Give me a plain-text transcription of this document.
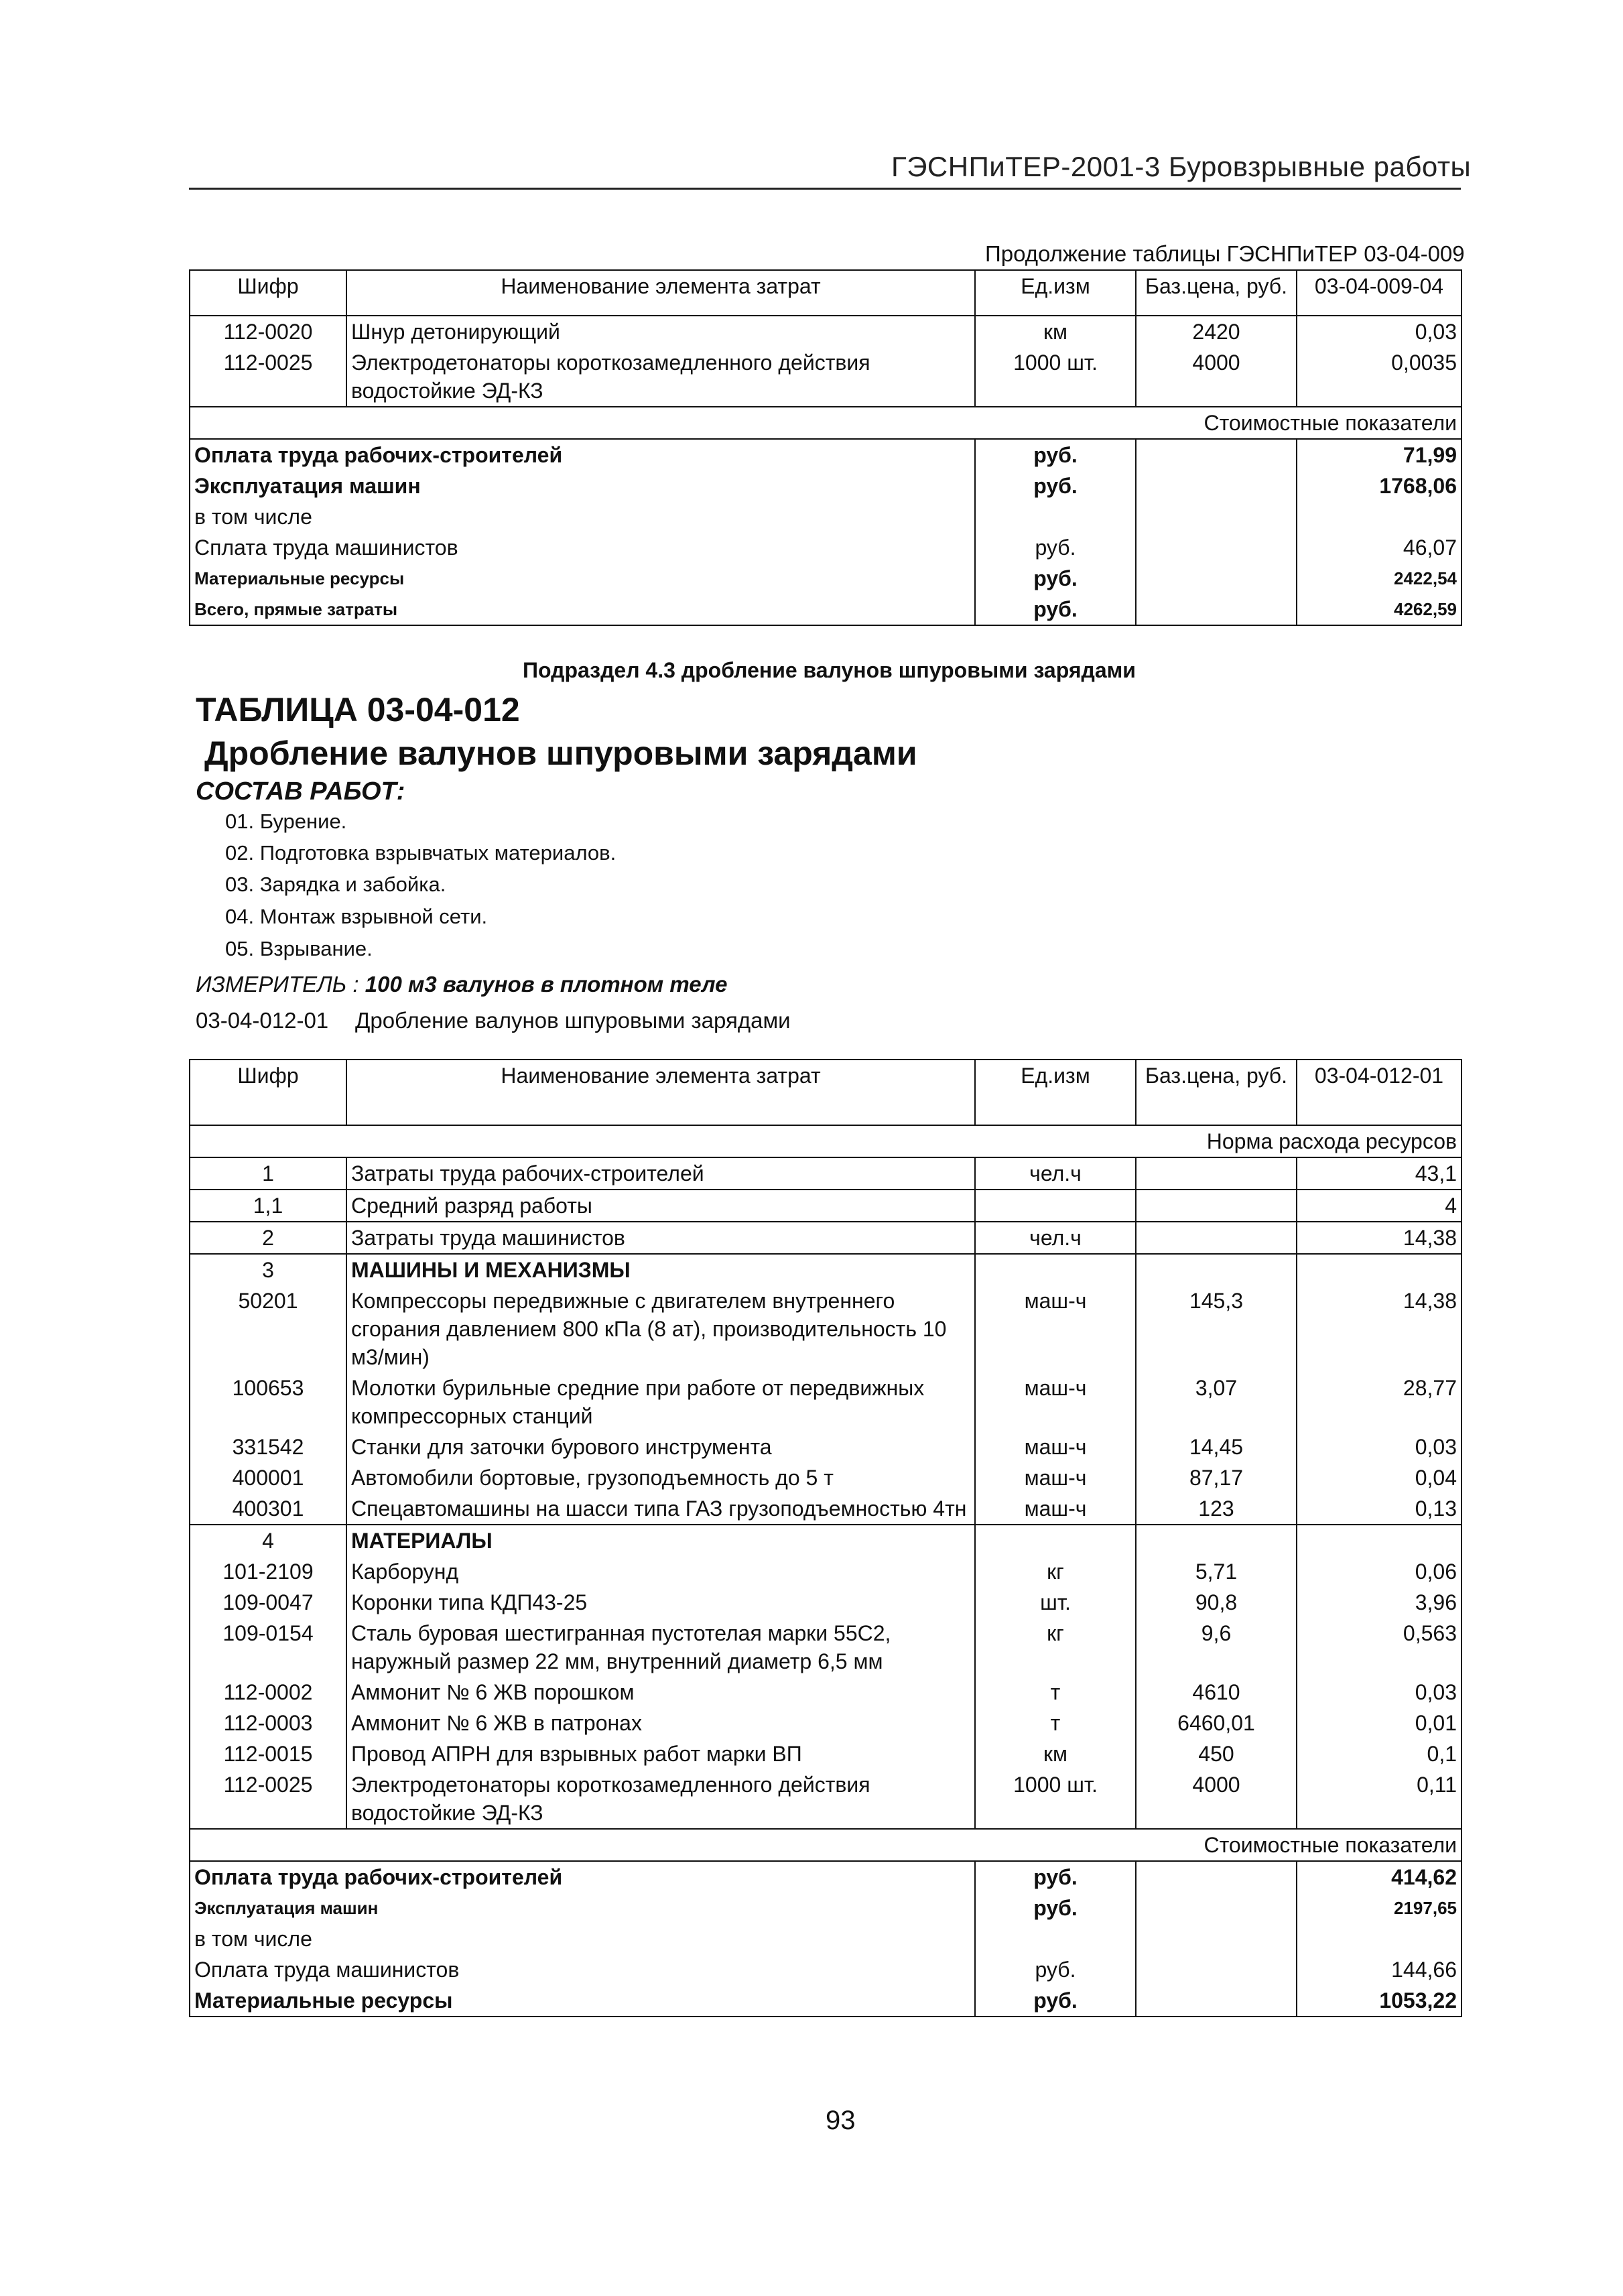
ГЭСНПиТЕР-2001-3 Буровзрывные работы
Продолжение таблицы ГЭСНПиТЕР 03-04-009
Шифр	Наименование элемента затрат	Ед.изм	Баз.цена, руб.	03-04-009-04
112-0020	Шнур детонирующий	км	2420	0,03
112-0025	Электродетонаторы короткозамедленного действия водостойкие ЭД-КЗ	1000 шт.	4000	0,0035
Стоимостные показатели				
Оплата труда рабочих-строителей		руб.		71,99
Эксплуатация машин		руб.		1768,06
в том числе				
Сплата труда машинистов		руб.		46,07
Материальные ресурсы		руб.		2422,54
Всего, прямые затраты		руб.		4262,59
Подраздел 4.3 дробление валунов шпуровыми зарядами
ТАБЛИЦА 03-04-012
Дробление валунов шпуровыми зарядами
СОСТАВ РАБОТ:
01. Бурение.
02. Подготовка взрывчатых материалов.
03. Зарядка и забойка.
04. Монтаж взрывной сети.
05. Взрывание.
ИЗМЕРИТЕЛЬ : 100 м3 валунов в плотном теле
03-04-012-01 Дробление валунов шпуровыми зарядами
Шифр	Наименование элемента затрат	Ед.изм	Баз.цена, руб.	03-04-012-01
Норма расхода ресурсов				
1	Затраты труда рабочих-строителей	чел.ч		43,1
1,1	Средний разряд работы			4
2	Затраты труда машинистов	чел.ч		14,38
3	МАШИНЫ И МЕХАНИЗМЫ			
50201	Компрессоры передвижные с двигателем внутреннего сгорания давлением 800 кПа (8 ат), производительность 10 м3/мин)	маш-ч	145,3	14,38
100653	Молотки бурильные средние при работе от передвижных компрессорных станций	маш-ч	3,07	28,77
331542	Станки для заточки бурового инструмента	маш-ч	14,45	0,03
400001	Автомобили бортовые, грузоподъемность до 5 т	маш-ч	87,17	0,04
400301	Спецавтомашины на шасси типа ГАЗ грузоподъемностью 4тн	маш-ч	123	0,13
4	МАТЕРИАЛЫ			
101-2109	Карборунд	кг	5,71	0,06
109-0047	Коронки типа КДП43-25	шт.	90,8	3,96
109-0154	Сталь буровая шестигранная пустотелая марки 55С2, наружный размер 22 мм, внутренний диаметр 6,5 мм	кг	9,6	0,563
112-0002	Аммонит № 6 ЖВ порошком	т	4610	0,03
112-0003	Аммонит № 6 ЖВ в патронах	т	6460,01	0,01
112-0015	Провод АПРН для взрывных работ марки ВП	км	450	0,1
112-0025	Электродетонаторы короткозамедленного действия водостойкие ЭД-КЗ	1000 шт.	4000	0,11
Стоимостные показатели				
Оплата труда рабочих-строителей		руб.		414,62
Эксплуатация машин		руб.		2197,65
в том числе				
Оплата труда машинистов		руб.		144,66
Материальные ресурсы		руб.		1053,22
93
